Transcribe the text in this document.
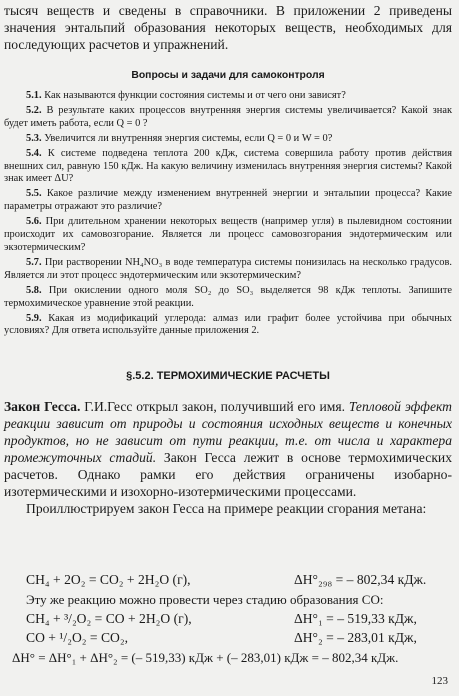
тысяч веществ и сведены в справочники. В приложении 2 приведены значения энтальпий образования некоторых веществ, необходимых для последующих расчетов и упражнений.
Вопросы и задачи для самоконтроля

5.1. Как называются функции состояния системы и от чего они зависят?

5.2. В результате каких процессов внутренняя энергия системы увеличивается? Какой знак будет иметь работа, если Q = 0 ?

5.3. Увеличится ли внутренняя энергия системы, если Q = 0 и W = 0?

5.4. К системе подведена теплота 200 кДж, система совершила работу против действия внешних сил, равную 150 кДж. На какую величину изменилась внутренняя энергия системы? Какой знак имеет ΔU?

5.5. Какое различие между изменением внутренней энергии и энтальпии процесса? Какие параметры отражают это различие?

5.6. При длительном хранении некоторых веществ (например угля) в пылевидном состоянии происходит их самовозгорание. Является ли процесс самовозгорания эндотермическим или экзотермическим?

5.7. При растворении NH₄NO₃ в воде температура системы понизилась на несколько градусов. Является ли этот процесс эндотермическим или экзотермическим?

5.8. При окислении одного моля SO₂ до SO₃ выделяется 98 кДж теплоты. Запишите термохимическое уравнение этой реакции.

5.9. Какая из модификаций углерода: алмаз или графит более устойчива при обычных условиях? Для ответа используйте данные приложения 2.

§.5.2. ТЕРМОХИМИЧЕСКИЕ РАСЧЕТЫ

Закон Гесса. Г.И.Гесс открыл закон, получивший его имя. Тепловой эффект реакции зависит от природы и состояния исходных веществ и конечных продуктов, но не зависит от пути реакции, т.е. от числа и характера промежуточных стадий. Закон Гесса лежит в основе термохимических расчетов. Однако рамки его действия ограничены изобарно-изотермическими и изохорно-изотермическими процессами.

Проиллюстрируем закон Гесса на примере реакции сгорания метана:

CH₄ + 2O₂ = CO₂ + 2H₂O (г),	ΔH°₂₉₈ = – 802,34 кДж.
Эту же реакцию можно провести через стадию образования CO:
CH₄ + ³/₂O₂ = CO + 2H₂O (г),	ΔH°₁ = – 519,33 кДж,
CO + ¹/₂O₂ = CO₂,	ΔH°₂ = – 283,01 кДж,
ΔH° = ΔH°₁ + ΔH°₂ = (– 519,33) кДж + (– 283,01) кДж = – 802,34 кДж.
123
